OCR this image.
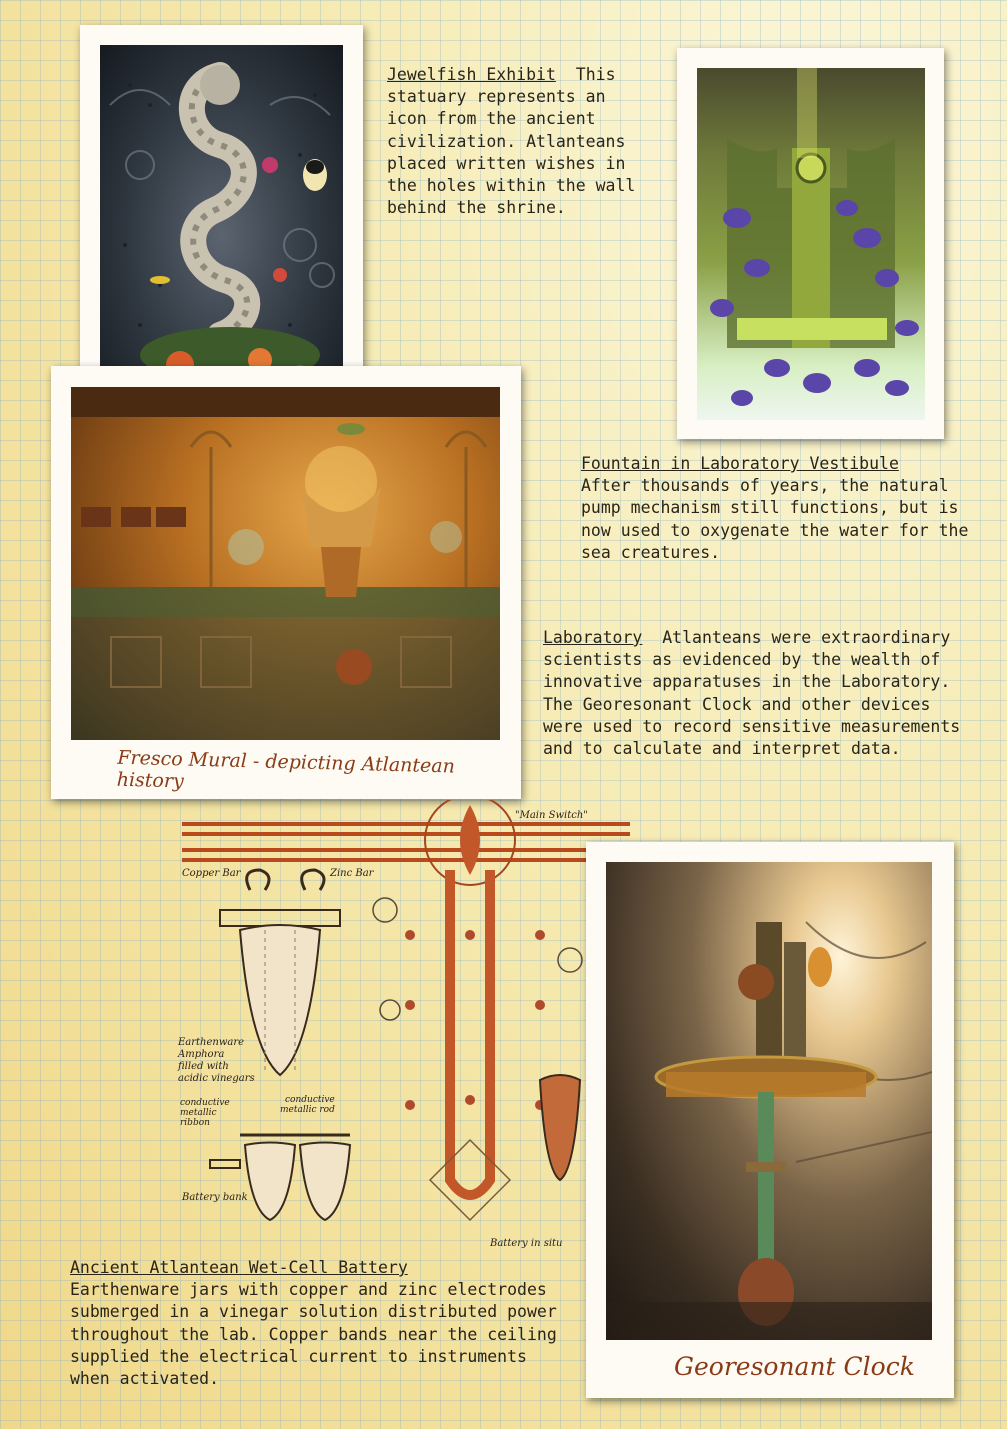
Jewelfish Exhibit This statuary represents an icon from the ancient civilization. Atlanteans placed written wishes in the holes within the wall behind the shrine.

Fountain in Laboratory Vestibule
After thousands of years, the natural pump mechanism still functions, but is now used to oxygenate the water for the sea creatures.

Fresco Mural - depicting Atlantean history

Laboratory Atlanteans were extraordinary scientists as evidenced by the wealth of innovative apparatuses in the Laboratory. The Georesonant Clock and other devices were used to record sensitive measurements and to calculate and interpret data.

"Main Switch"
Copper Bar	Zinc Bar
Earthenware
Amphora
filled with
acidic vinegars
conductive
metallic
ribbon
conductive
metallic rod
Battery bank
Battery in situ
Georesonant Clock

Ancient Atlantean Wet-Cell Battery
Earthenware jars with copper and zinc electrodes submerged in a vinegar solution distributed power throughout the lab. Copper bands near the ceiling supplied the electrical current to instruments when activated.
